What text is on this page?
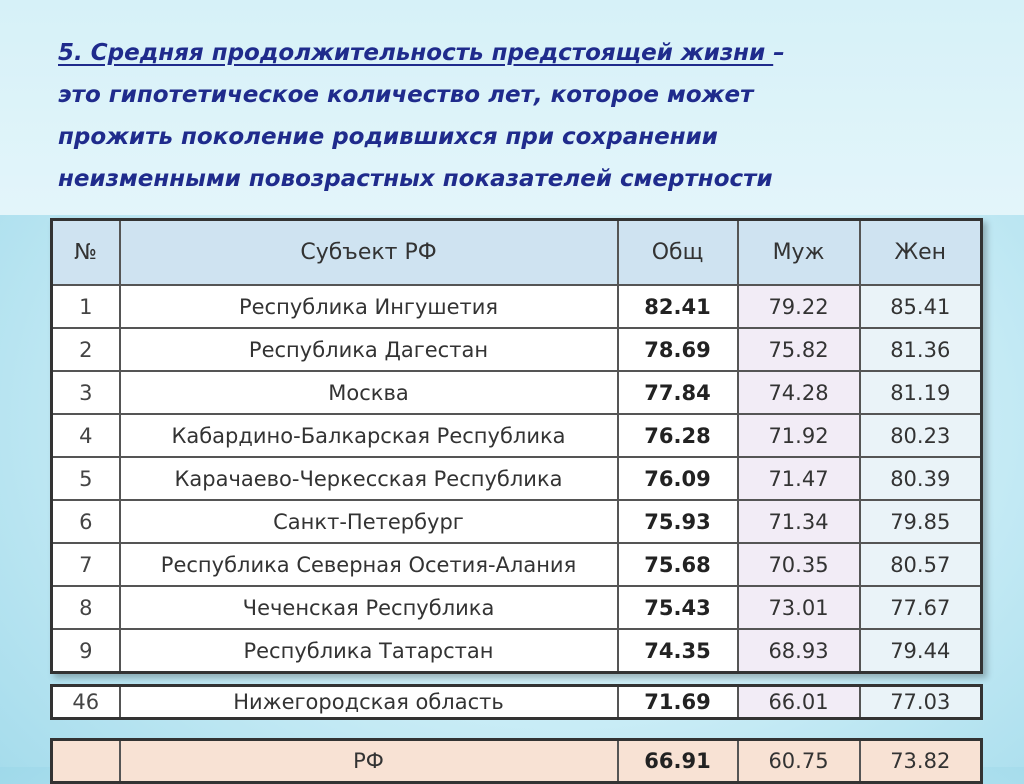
5. Средняя продолжительность предстоящей жизни –
это гипотетическое количество лет, которое может
прожить поколение родившихся при сохранении
неизменными повозрастных показателей смертности
№	Субъект РФ	Общ	Муж	Жен
1	Республика Ингушетия	82.41	79.22	85.41
2	Республика Дагестан	78.69	75.82	81.36
3	Москва	77.84	74.28	81.19
4	Кабардино-Балкарская Республика	76.28	71.92	80.23
5	Карачаево-Черкесская Республика	76.09	71.47	80.39
6	Санкт-Петербург	75.93	71.34	79.85
7	Республика Северная Осетия-Алания	75.68	70.35	80.57
8	Чеченская Республика	75.43	73.01	77.67
9	Республика Татарстан	74.35	68.93	79.44
46	Нижегородская область	71.69	66.01	77.03
	РФ	66.91	60.75	73.82
